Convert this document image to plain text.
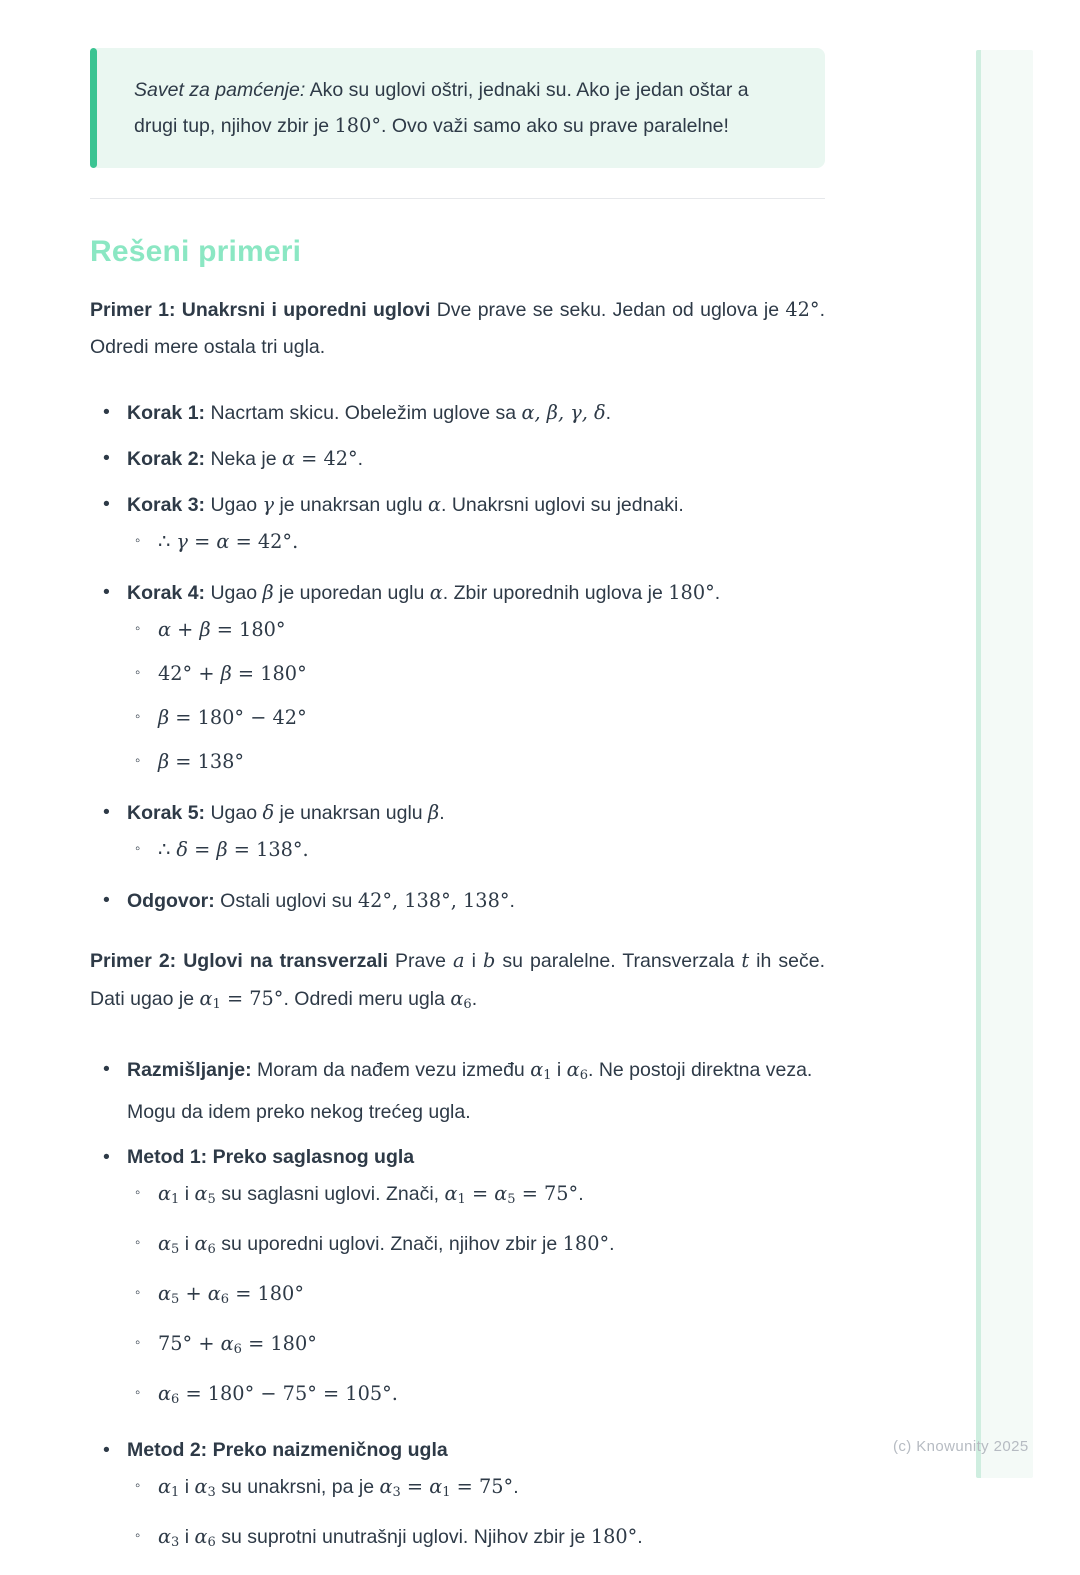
Savet za pamćenje: Ako su uglovi oštri, jednaki su. Ako je jedan oštar a drugi tup, njihov zbir je 180°. Ovo važi samo ako su prave paralelne!
Rešeni primeri

Primer 1: Unakrsni i uporedni uglovi Dve prave se seku. Jedan od uglova je 42°. Odredi mere ostala tri ugla.

• Korak 1: Nacrtam skicu. Obeležim uglove sa α, β, γ, δ.
• Korak 2: Neka je α = 42°.
• Korak 3: Ugao γ je unakrsan uglu α. Unakrsni uglovi su jednaki.
◦ ∴ γ = α = 42°.
• Korak 4: Ugao β je uporedan uglu α. Zbir uporednih uglova je 180°.
◦ α + β = 180°
◦ 42° + β = 180°
◦ β = 180° − 42°
◦ β = 138°
• Korak 5: Ugao δ je unakrsan uglu β.
◦ ∴ δ = β = 138°.
• Odgovor: Ostali uglovi su 42°, 138°, 138°.

Primer 2: Uglovi na transverzali Prave a i b su paralelne. Transverzala t ih seče. Dati ugao je α1 = 75°. Odredi meru ugla α6.

• Razmišljanje: Moram da nađem vezu između α1 i α6. Ne postoji direktna veza. Mogu da idem preko nekog trećeg ugla.
• Metod 1: Preko saglasnog ugla
◦ α1 i α5 su saglasni uglovi. Znači, α1 = α5 = 75°.
◦ α5 i α6 su uporedni uglovi. Znači, njihov zbir je 180°.
◦ α5 + α6 = 180°
◦ 75° + α6 = 180°
◦ α6 = 180° − 75° = 105°.
• Metod 2: Preko naizmeničnog ugla
◦ α1 i α3 su unakrsni, pa je α3 = α1 = 75°.
◦ α3 i α6 su suprotni unutrašnji uglovi. Njihov zbir je 180°.
(c) Knowunity 2025
